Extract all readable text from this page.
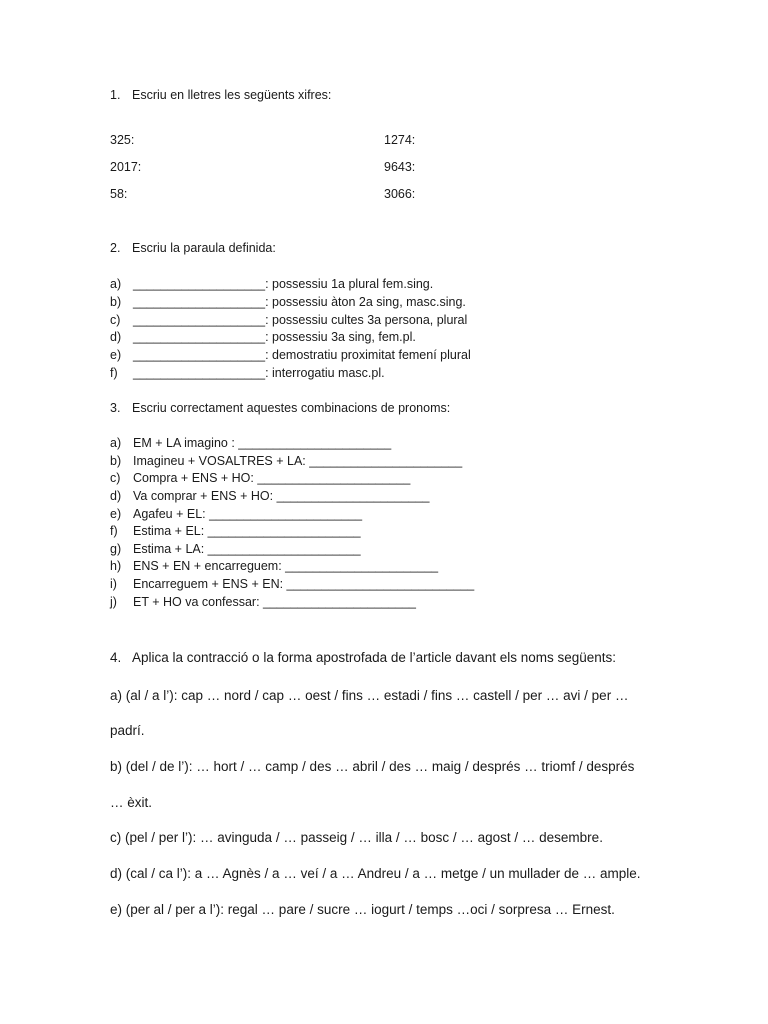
1. Escriu en lletres les següents xifres:
325:
2017:
58:
1274:
9643:
3066:
2. Escriu la paraula definida:
a) ___________________: possessiu 1a plural fem.sing.
b) ___________________: possessiu àton 2a sing, masc.sing.
c) ___________________: possessiu cultes 3a persona, plural
d) ___________________: possessiu 3a sing, fem.pl.
e) ___________________: demostratiu proximitat femení plural
f) ___________________: interrogatiu masc.pl.
3. Escriu correctament aquestes combinacions de pronoms:
a) EM + LA imagino : ______________________
b) Imagineu + VOSALTRES + LA: ______________________
c) Compra + ENS + HO: ______________________
d) Va comprar + ENS + HO: ______________________
e) Agafeu + EL: ______________________
f) Estima + EL: ______________________
g) Estima + LA: ______________________
h) ENS + EN + encarreguem: ______________________
i) Encarreguem + ENS + EN: ___________________________
j) ET + HO va confessar: ______________________
4. Aplica la contracció o la forma apostrofada de l’article davant els noms següents:
a) (al / a l’): cap … nord / cap … oest / fins … estadi / fins … castell / per … avi / per …
padrí.
b) (del / de l’): … hort / … camp / des … abril / des … maig / després … triomf / després
… èxit.
c) (pel / per l’): … avinguda / … passeig / … illa / … bosc / … agost / … desembre.
d) (cal / ca l’): a … Agnès / a … veí / a … Andreu / a … metge / un mullader de … ample.
e) (per al / per a l’): regal … pare / sucre … iogurt / temps …oci / sorpresa … Ernest.
